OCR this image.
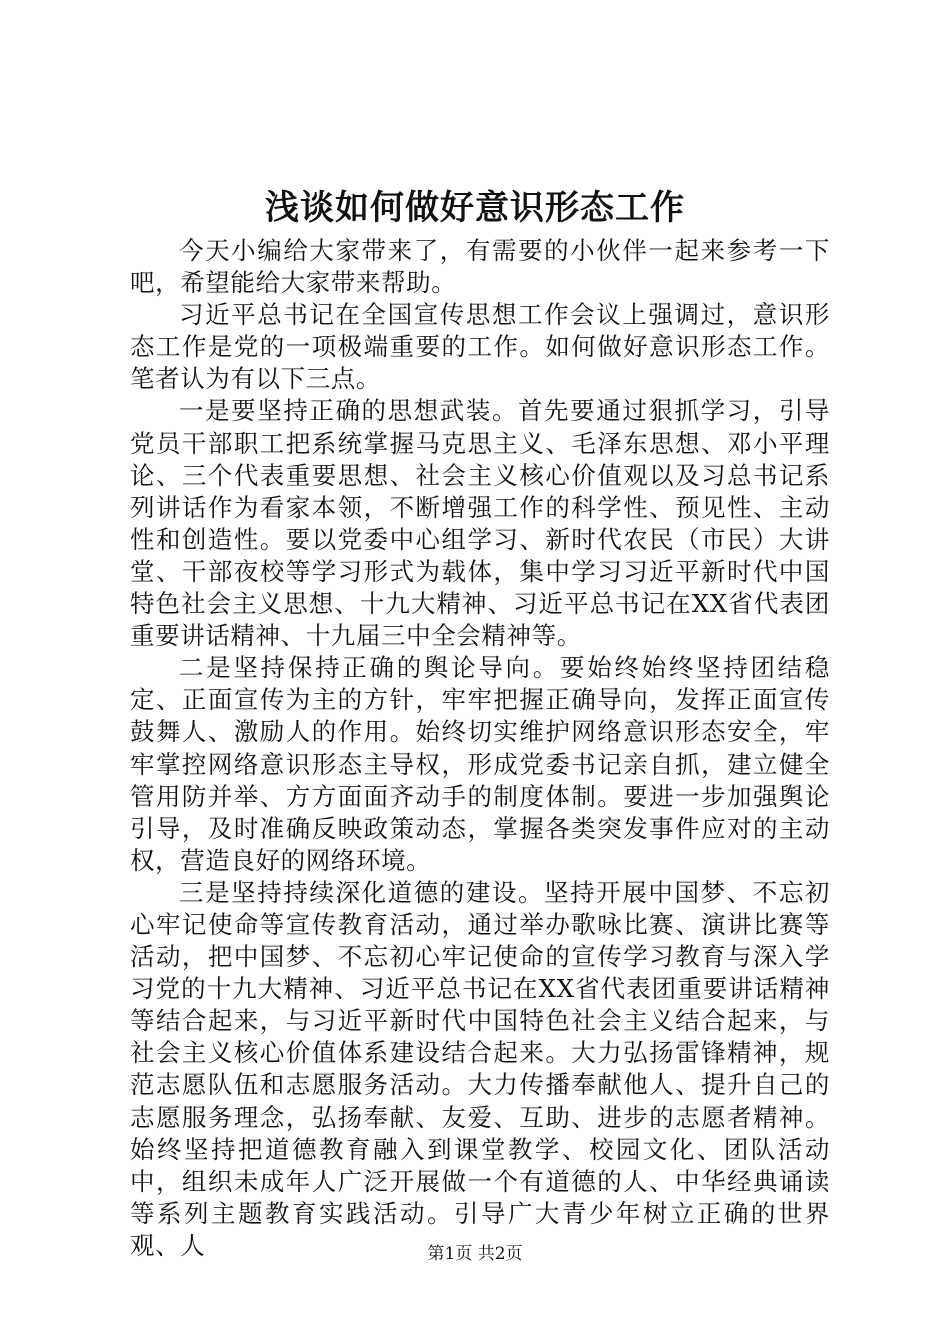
浅谈如何做好意识形态工作

今天小编给大家带来了，有需要的小伙伴一起来参考一下吧，希望能给大家带来帮助。

习近平总书记在全国宣传思想工作会议上强调过，意识形态工作是党的一项极端重要的工作。如何做好意识形态工作。笔者认为有以下三点。

一是要坚持正确的思想武装。首先要通过狠抓学习，引导党员干部职工把系统掌握马克思主义、毛泽东思想、邓小平理论、三个代表重要思想、社会主义核心价值观以及习总书记系列讲话作为看家本领，不断增强工作的科学性、预见性、主动性和创造性。要以党委中心组学习、新时代农民（市民）大讲堂、干部夜校等学习形式为载体，集中学习习近平新时代中国特色社会主义思想、十九大精神、习近平总书记在XX省代表团重要讲话精神、十九届三中全会精神等。

二是坚持保持正确的舆论导向。要始终始终坚持团结稳定、正面宣传为主的方针，牢牢把握正确导向，发挥正面宣传鼓舞人、激励人的作用。始终切实维护网络意识形态安全，牢牢掌控网络意识形态主导权，形成党委书记亲自抓，建立健全管用防并举、方方面面齐动手的制度体制。要进一步加强舆论引导，及时准确反映政策动态，掌握各类突发事件应对的主动权，营造良好的网络环境。

三是坚持持续深化道德的建设。坚持开展中国梦、不忘初心牢记使命等宣传教育活动，通过举办歌咏比赛、演讲比赛等活动，把中国梦、不忘初心牢记使命的宣传学习教育与深入学习党的十九大精神、习近平总书记在XX省代表团重要讲话精神等结合起来，与习近平新时代中国特色社会主义结合起来，与社会主义核心价值体系建设结合起来。大力弘扬雷锋精神，规范志愿队伍和志愿服务活动。大力传播奉献他人、提升自己的志愿服务理念，弘扬奉献、友爱、互助、进步的志愿者精神。始终坚持把道德教育融入到课堂教学、校园文化、团队活动中，组织未成年人广泛开展做一个有道德的人、中华经典诵读等系列主题教育实践活动。引导广大青少年树立正确的世界观、人	第1页 共2页
